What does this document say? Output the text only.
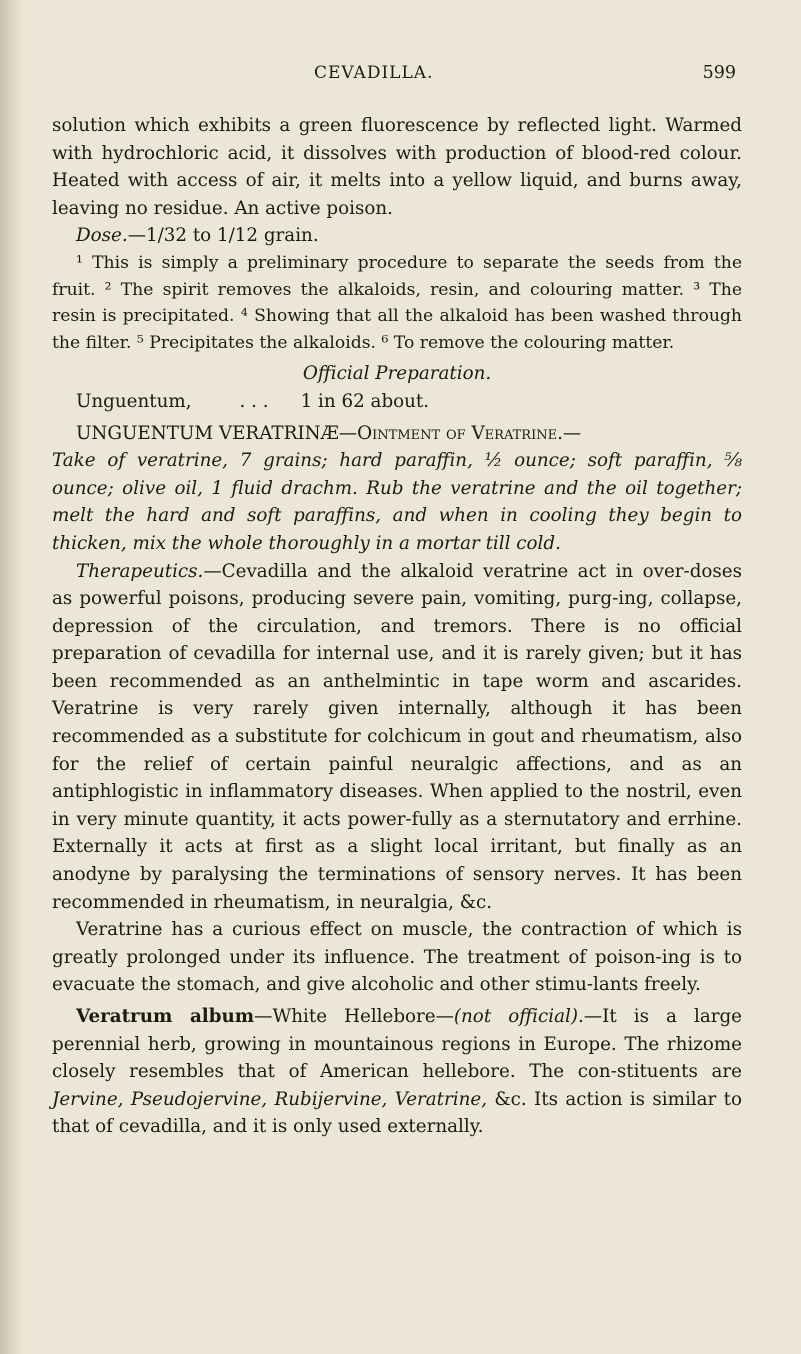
CEVADILLA.	599

solution which exhibits a green fluorescence by reflected light. Warmed with hydrochloric acid, it dissolves with production of blood-red colour. Heated with access of air, it melts into a yellow liquid, and burns away, leaving no residue. An active poison.

Dose.—1/32 to 1/12 grain.

¹ This is simply a preliminary procedure to separate the seeds from the fruit. ² The spirit removes the alkaloids, resin, and colouring matter. ³ The resin is precipitated. ⁴ Showing that all the alkaloid has been washed through the filter. ⁵ Precipitates the alkaloids. ⁶ To remove the colouring matter.

Official Preparation.

Unguentum,	. . . 1 in 62 about.

UNGUENTUM VERATRINÆ—Ointment of Veratrine.—

Take of veratrine, 7 grains; hard paraffin, ½ ounce; soft paraffin, ⅝ ounce; olive oil, 1 fluid drachm. Rub the veratrine and the oil together; melt the hard and soft paraffins, and when in cooling they begin to thicken, mix the whole thoroughly in a mortar till cold.

Therapeutics.—Cevadilla and the alkaloid veratrine act in over-doses as powerful poisons, producing severe pain, vomiting, purg-ing, collapse, depression of the circulation, and tremors. There is no official preparation of cevadilla for internal use, and it is rarely given; but it has been recommended as an anthelmintic in tape worm and ascarides. Veratrine is very rarely given internally, although it has been recommended as a substitute for colchicum in gout and rheumatism, also for the relief of certain painful neuralgic affections, and as an antiphlogistic in inflammatory diseases. When applied to the nostril, even in very minute quantity, it acts power-fully as a sternutatory and errhine. Externally it acts at first as a slight local irritant, but finally as an anodyne by paralysing the terminations of sensory nerves. It has been recommended in rheumatism, in neuralgia, &c.

Veratrine has a curious effect on muscle, the contraction of which is greatly prolonged under its influence. The treatment of poison-ing is to evacuate the stomach, and give alcoholic and other stimu-lants freely.

Veratrum album—White Hellebore—(not official).—It is a large perennial herb, growing in mountainous regions in Europe. The rhizome closely resembles that of American hellebore. The con-stituents are Jervine, Pseudojervine, Rubijervine, Veratrine, &c. Its action is similar to that of cevadilla, and it is only used externally.
